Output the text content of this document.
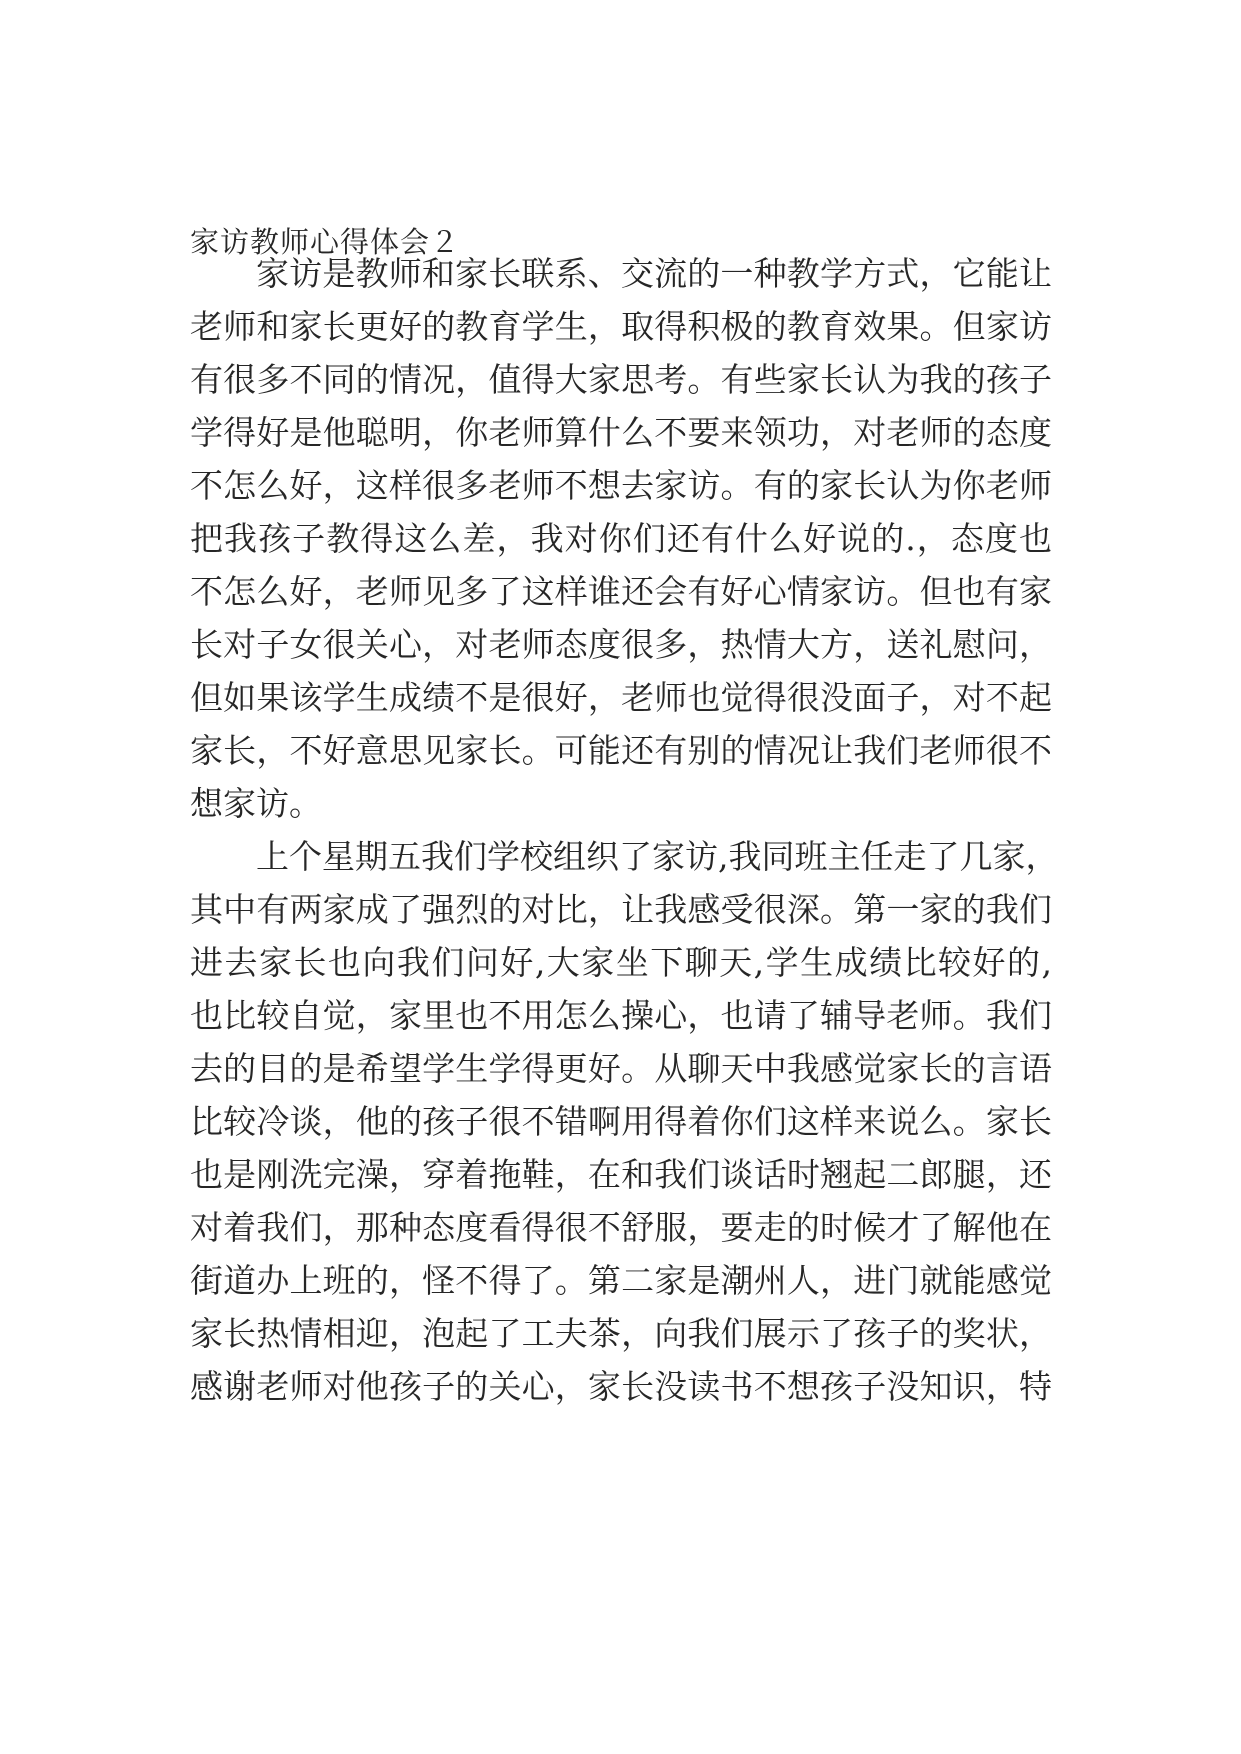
家访教师心得体会２
家访是教师和家长联系、交流的一种教学方式，它能让
老师和家长更好的教育学生，取得积极的教育效果。但家访
有很多不同的情况，值得大家思考。有些家长认为我的孩子
学得好是他聪明，你老师算什么不要来领功，对老师的态度
不怎么好，这样很多老师不想去家访。有的家长认为你老师
把我孩子教得这么差，我对你们还有什么好说的.，态度也
不怎么好，老师见多了这样谁还会有好心情家访。但也有家
长对子女很关心，对老师态度很多，热情大方，送礼慰问，
但如果该学生成绩不是很好，老师也觉得很没面子，对不起
家长，不好意思见家长。可能还有别的情况让我们老师很不
想家访。
上个星期五我们学校组织了家访,我同班主任走了几家，
其中有两家成了强烈的对比，让我感受很深。第一家的我们
进去家长也向我们问好,大家坐下聊天,学生成绩比较好的,
也比较自觉，家里也不用怎么操心，也请了辅导老师。我们
去的目的是希望学生学得更好。从聊天中我感觉家长的言语
比较冷谈，他的孩子很不错啊用得着你们这样来说么。家长
也是刚洗完澡，穿着拖鞋，在和我们谈话时翘起二郎腿，还
对着我们，那种态度看得很不舒服，要走的时候才了解他在
街道办上班的，怪不得了。第二家是潮州人，进门就能感觉
家长热情相迎，泡起了工夫茶，向我们展示了孩子的奖状，
感谢老师对他孩子的关心，家长没读书不想孩子没知识，特
